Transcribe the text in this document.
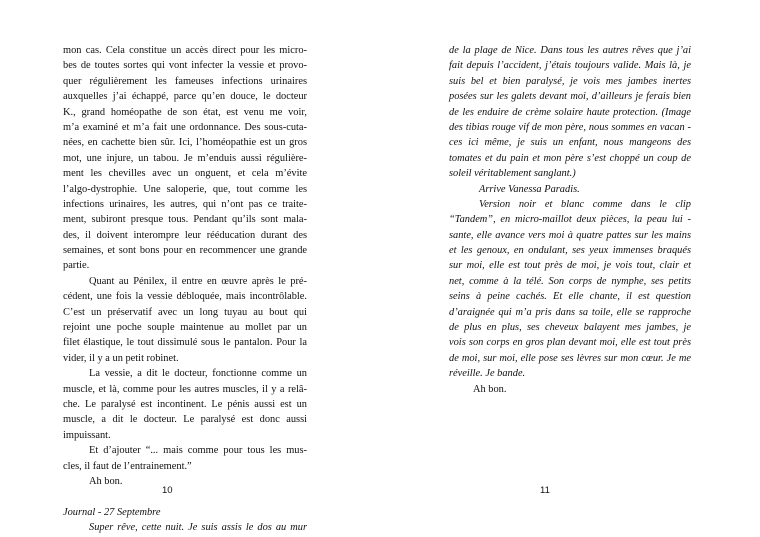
mon cas. Cela constitue un accès direct pour les micro-
bes de toutes sortes qui vont infecter la vessie et provo-
quer régulièrement les fameuses infections urinaires
auxquelles j’ai échappé, parce qu’en douce, le docteur
K., grand homéopathe de son état, est venu me voir,
m’a examiné et m’a fait une ordonnance. Des sous-cuta-
nées, en cachette bien sûr. Ici, l’homéopathie est un gros
mot, une injure, un tabou. Je m’enduis aussi régulière-
ment les chevilles avec un onguent, et cela m’évite
l’algo-dystrophie. Une saloperie, que, tout comme les
infections urinaires, les autres, qui n’ont pas ce traite-
ment, subiront presque tous. Pendant qu’ils sont mala-
des, il doivent interompre leur rééducation durant des
semaines, et sont bons pour en recommencer une grande
partie.
Quant au Pénilex, il entre en œuvre après le pré-
cédent, une fois la vessie débloquée, mais incontrôlable.
C’est un préservatif avec un long tuyau au bout qui
rejoint une poche souple maintenue au mollet par un
filet élastique, le tout dissimulé sous le pantalon. Pour la
vider, il y a un petit robinet.
La vessie, a dit le docteur, fonctionne comme un
muscle, et là, comme pour les autres muscles, il y a relâ-
che. Le paralysé est incontinent. Le pénis aussi est un
muscle, a dit le docteur. Le paralysé est donc aussi
impuissant.
Et d’ajouter “... mais comme pour tous les mus-
cles, il faut de l’entrainement.”
Ah bon.
Journal - 27 Septembre
Super rêve, cette nuit. Je suis assis le dos au mur
10
de la plage de Nice. Dans tous les autres rêves que j’ai
fait depuis l’accident, j’étais toujours valide. Mais là, je
suis bel et bien paralysé, je vois mes jambes inertes
posées sur les galets devant moi, d’ailleurs je ferais bien
de les enduire de crème solaire haute protection. (Image
des tibias rouge vif de mon père, nous sommes en vacan -
ces ici même, je suis un enfant, nous mangeons des
tomates et du pain et mon père s’est choppé un coup de
soleil véritablement sanglant.)
Arrive Vanessa Paradis.
Version noir et blanc comme dans le clip
“Tandem”, en micro-maillot deux pièces, la peau lui -
sante, elle avance vers moi à quatre pattes sur les mains
et les genoux, en ondulant, ses yeux immenses braqués
sur moi, elle est tout près de moi, je vois tout, clair et
net, comme à la télé. Son corps de nymphe, ses petits
seins à peine cachés. Et elle chante, il est question
d’araignée qui m’a pris dans sa toile, elle se rapproche
de plus en plus, ses cheveux balayent mes jambes, je
vois son corps en gros plan devant moi, elle est tout près
de moi, sur moi, elle pose ses lèvres sur mon cœur. Je me
réveille. Je bande.
Ah bon.
11
